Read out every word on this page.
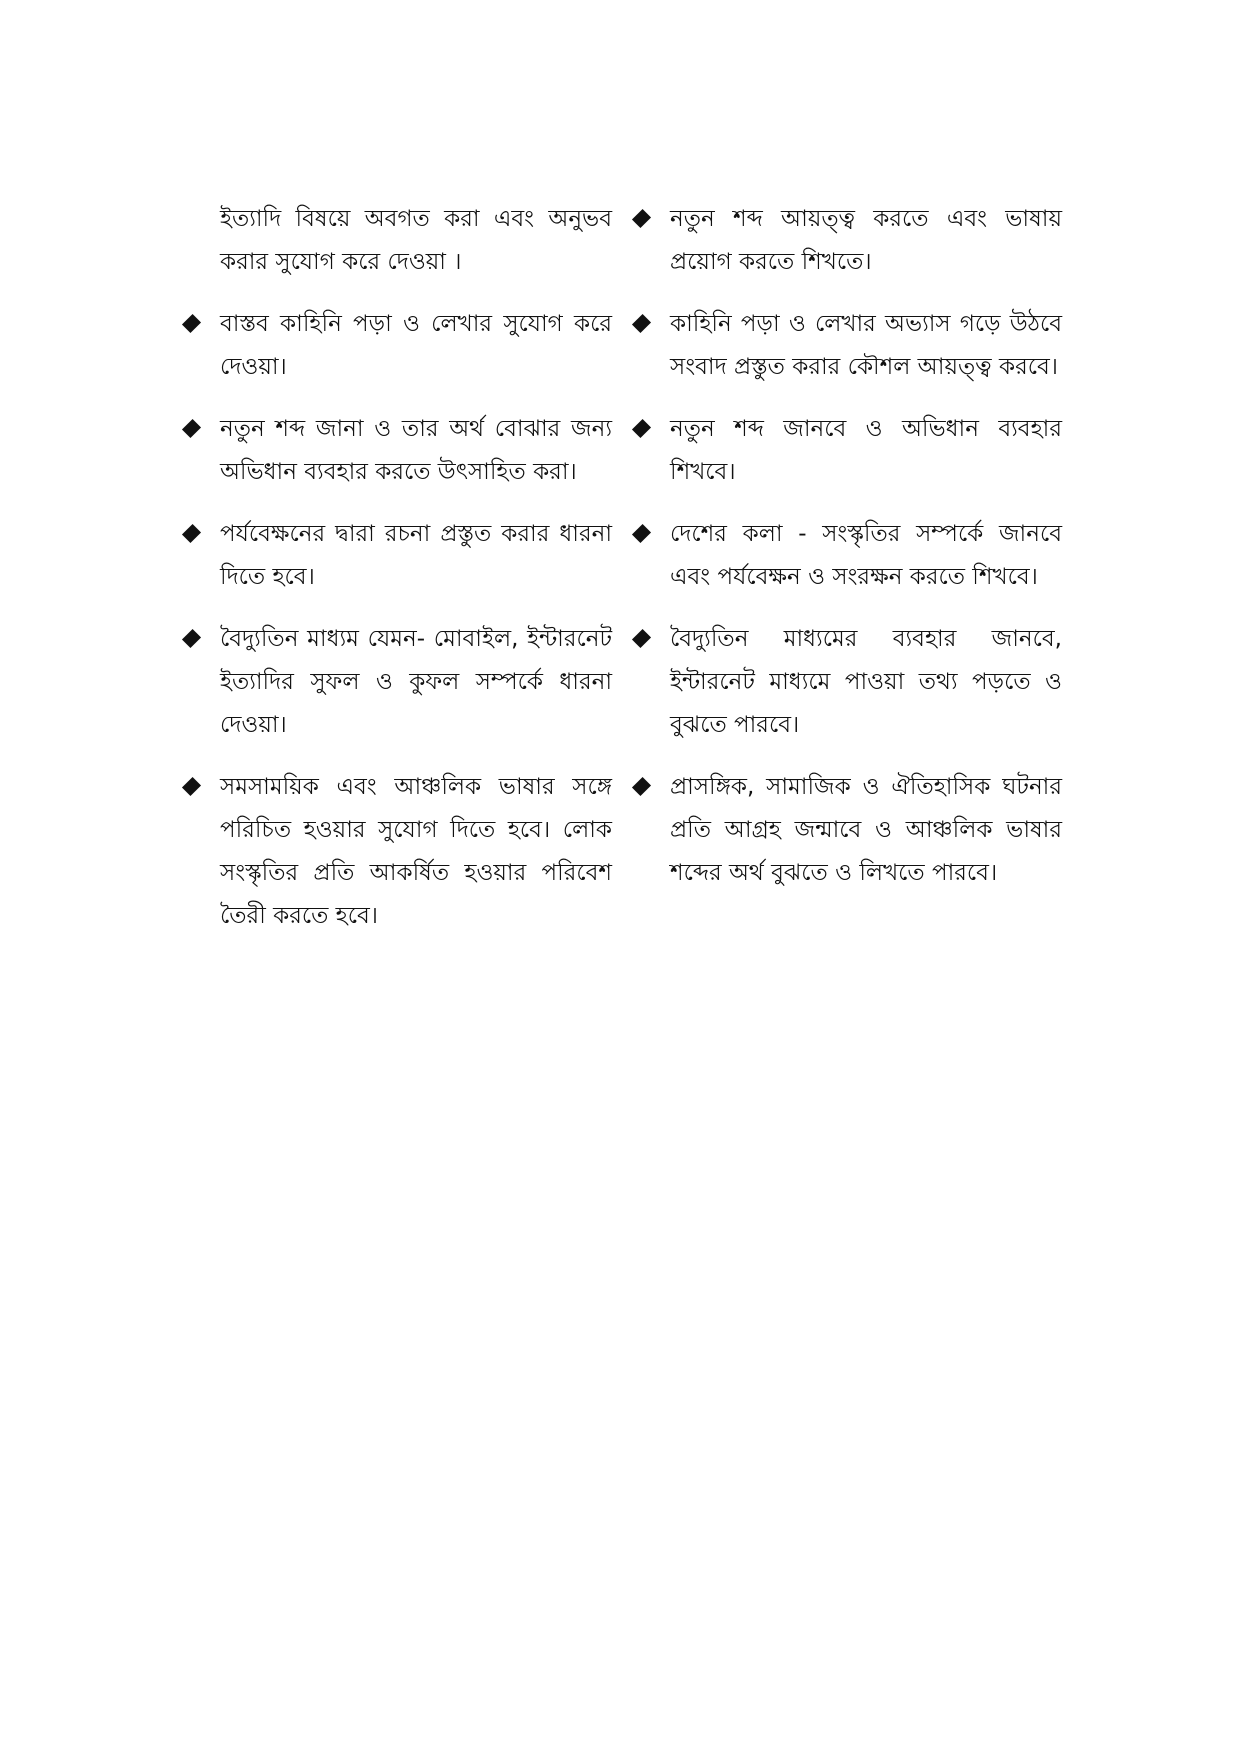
ইত্যাদি বিষয়ে অবগত করা এবং অনুভব করার সুযোগ করে দেওয়া ।
বাস্তব কাহিনি পড়া ও লেখার সুযোগ করে দেওয়া।
নতুন শব্দ জানা ও তার অর্থ বোঝার জন্য অভিধান ব্যবহার করতে উৎসাহিত করা।
পর্যবেক্ষনের দ্বারা রচনা প্রস্তুত করার ধারনা দিতে হবে।
বৈদ্যুতিন মাধ্যম যেমন- মোবাইল, ইন্টারনেট ইত্যাদির সুফল ও কুফল সম্পর্কে ধারনা দেওয়া।
সমসাময়িক এবং আঞ্চলিক ভাষার সঙ্গে পরিচিত হওয়ার সুযোগ দিতে হবে। লোক সংস্কৃতির প্রতি আকর্ষিত হওয়ার পরিবেশ তৈরী করতে হবে।
নতুন শব্দ আয়ত্ত্ব করতে এবং ভাষায় প্রয়োগ করতে শিখতে।
কাহিনি পড়া ও লেখার অভ্যাস গড়ে উঠবে সংবাদ প্রস্তুত করার কৌশল আয়ত্ত্ব করবে।
নতুন শব্দ জানবে ও অভিধান ব্যবহার শিখবে।
দেশের কলা - সংস্কৃতির সম্পর্কে জানবে এবং পর্যবেক্ষন ও সংরক্ষন করতে শিখবে।
বৈদ্যুতিন মাধ্যমের ব্যবহার জানবে, ইন্টারনেট মাধ্যমে পাওয়া তথ্য পড়তে ও বুঝতে পারবে।
প্রাসঙ্গিক, সামাজিক ও ঐতিহাসিক ঘটনার প্রতি আগ্রহ জন্মাবে ও আঞ্চলিক ভাষার শব্দের অর্থ বুঝতে ও লিখতে পারবে।
